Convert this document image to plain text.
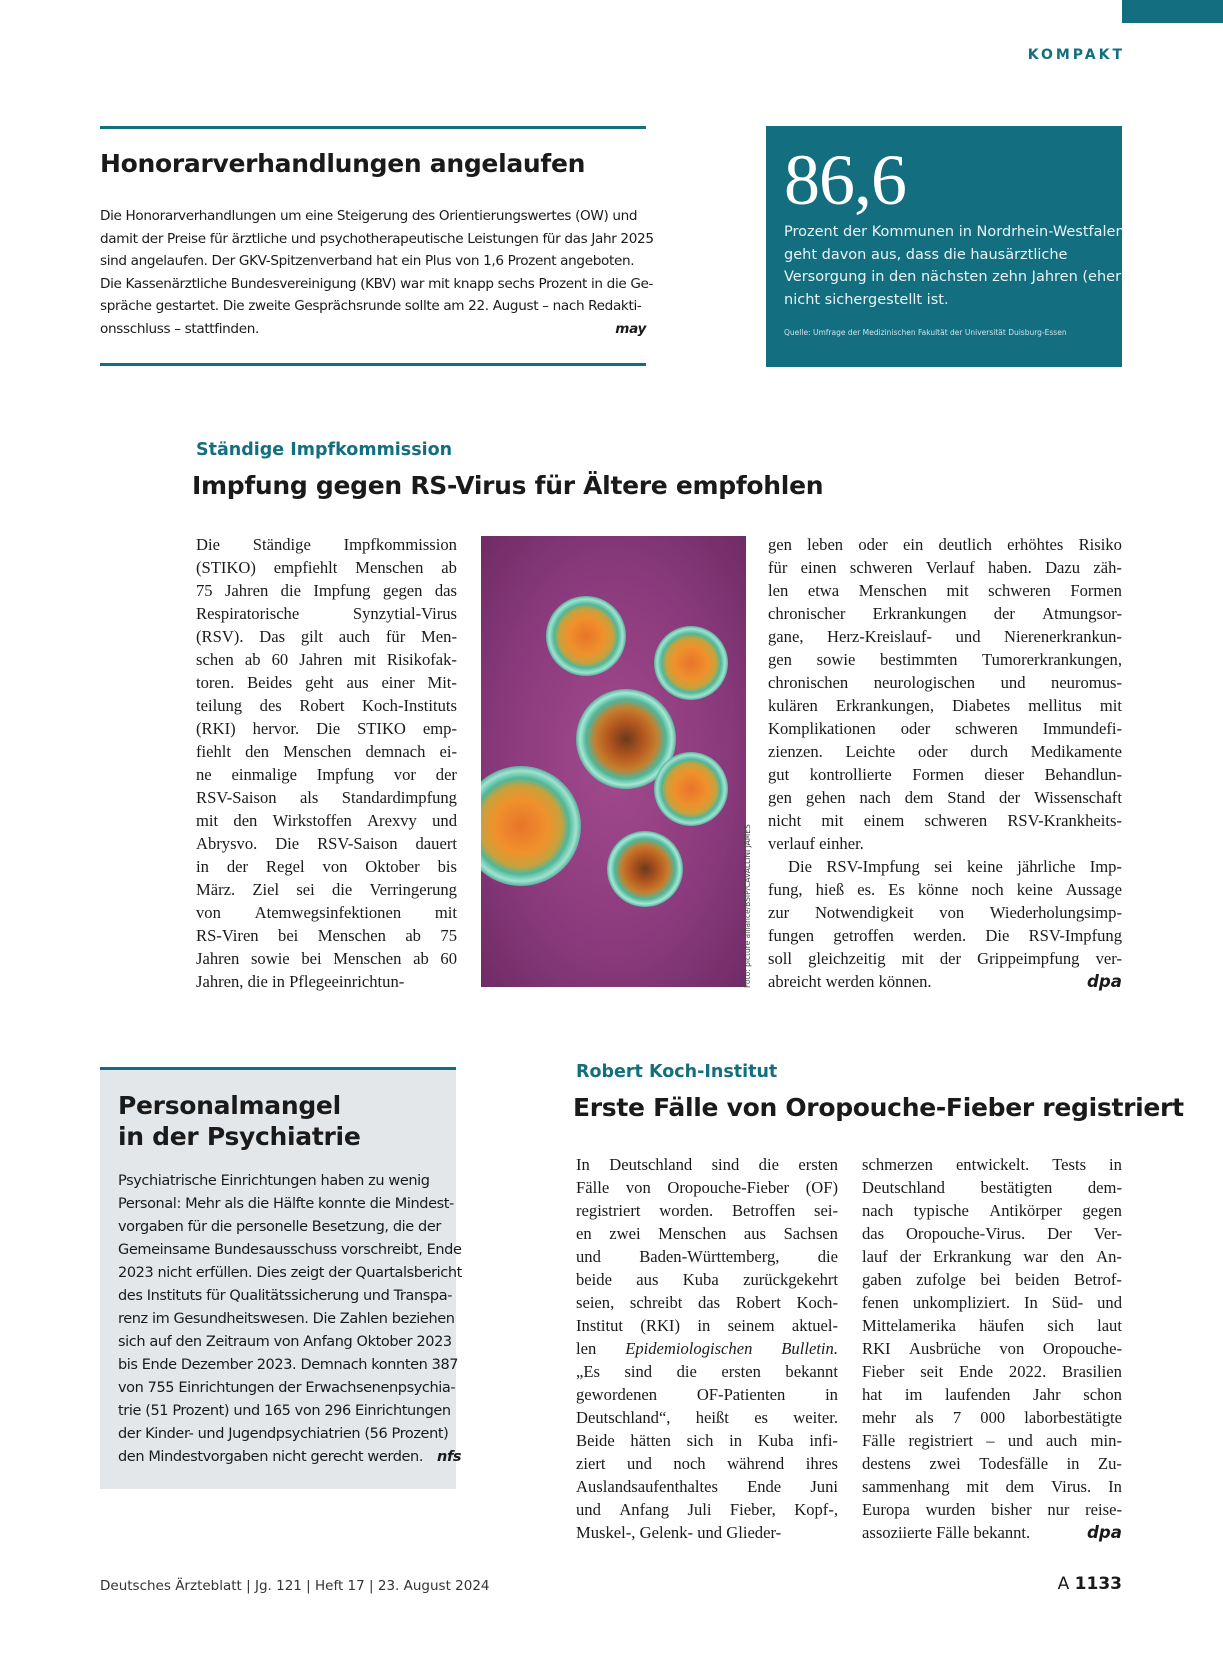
KOMPAKT
Honorarverhandlungen angelaufen
Die Honorarverhandlungen um eine Steigerung des Orientierungswertes (OW) und
damit der Preise für ärztliche und psychotherapeutische Leistungen für das Jahr 2025
sind angelaufen. Der GKV-Spitzenverband hat ein Plus von 1,6 Prozent angeboten.
Die Kassenärztliche Bundesvereinigung (KBV) war mit knapp sechs Prozent in die Ge-
spräche gestartet. Die zweite Gesprächsrunde sollte am 22. August – nach Redakti-
onsschluss – stattfinden.	may
86,6
Prozent der Kommunen in Nordrhein-Westfalen
geht davon aus, dass die hausärztliche
Versorgung in den nächsten zehn Jahren (eher)
nicht sichergestellt ist.
Quelle: Umfrage der Medizinischen Fakultät der Universität Duisburg-Essen
Ständige Impfkommission
Impfung gegen RS-Virus für Ältere empfohlen
Die Ständige Impfkommission
(STIKO) empfiehlt Menschen ab
75 Jahren die Impfung gegen das
Respiratorische	Synzytial-Virus
(RSV). Das gilt auch für Men-
schen ab 60 Jahren mit Risikofak-
toren. Beides geht aus einer Mit-
teilung des Robert Koch-Instituts
(RKI) hervor. Die STIKO emp-
fiehlt den Menschen demnach ei-
ne einmalige Impfung vor der
RSV-Saison als Standardimpfung
mit den Wirkstoffen Arexvy und
Abrysvo. Die RSV-Saison dauert
in der Regel von Oktober bis
März. Ziel sei die Verringerung
von Atemwegsinfektionen mit
RS-Viren bei Menschen ab 75
Jahren sowie bei Menschen ab 60
Jahren, die in Pflegeeinrichtun-	Foto: picture alliance/BSIP/CAVALLINI JAMES
gen leben oder ein deutlich erhöhtes Risiko
für einen schweren Verlauf haben. Dazu zäh-
len etwa Menschen mit schweren Formen
chronischer Erkrankungen der Atmungsor-
gane, Herz-Kreislauf- und Nierenerkrankun-
gen sowie bestimmten Tumorerkrankungen,
chronischen neurologischen und neuromus-
kulären Erkrankungen, Diabetes mellitus mit
Komplikationen oder schweren Immundefi-
zienzen. Leichte oder durch Medikamente
gut kontrollierte Formen dieser Behandlun-
gen gehen nach dem Stand der Wissenschaft
nicht mit einem schweren RSV-Krankheits-
verlauf einher.
Die RSV-Impfung sei keine jährliche Imp-
fung, hieß es. Es könne noch keine Aussage
zur Notwendigkeit von Wiederholungsimp-
fungen getroffen werden. Die RSV-Impfung
soll gleichzeitig mit der Grippeimpfung ver-
abreicht werden können.	dpa
Personalmangel
in der Psychiatrie
Psychiatrische Einrichtungen haben zu wenig
Personal: Mehr als die Hälfte konnte die Mindest-
vorgaben für die personelle Besetzung, die der
Gemeinsame Bundesausschuss vorschreibt, Ende
2023 nicht erfüllen. Dies zeigt der Quartalsbericht
des Instituts für Qualitätssicherung und Transpa-
renz im Gesundheitswesen. Die Zahlen beziehen
sich auf den Zeitraum von Anfang Oktober 2023
bis Ende Dezember 2023. Demnach konnten 387
von 755 Einrichtungen der Erwachsenenpsychia-
trie (51 Prozent) und 165 von 296 Einrichtungen
der Kinder- und Jugendpsychiatrien (56 Prozent)
den Mindestvorgaben nicht gerecht werden. nfs
Robert Koch-Institut
Erste Fälle von Oropouche-Fieber registriert
In Deutschland sind die ersten
Fälle von Oropouche-Fieber (OF)
registriert worden. Betroffen sei-
en zwei Menschen aus Sachsen
und Baden-Württemberg, die
beide aus Kuba zurückgekehrt
seien, schreibt das Robert Koch-
Institut (RKI) in seinem aktuel-
len Epidemiologischen Bulletin.
„Es sind die ersten bekannt
gewordenen OF-Patienten in
Deutschland“, heißt es weiter.
Beide hätten sich in Kuba infi-
ziert und noch während ihres
Auslandsaufenthaltes Ende Juni
und Anfang Juli Fieber, Kopf-,
Muskel-, Gelenk- und Glieder-
schmerzen entwickelt. Tests in
Deutschland bestätigten dem-
nach typische Antikörper gegen
das Oropouche-Virus. Der Ver-
lauf der Erkrankung war den An-
gaben zufolge bei beiden Betrof-
fenen unkompliziert. In Süd- und
Mittelamerika häufen sich laut
RKI Ausbrüche von Oropouche-
Fieber seit Ende 2022. Brasilien
hat im laufenden Jahr schon
mehr als 7 000 laborbestätigte
Fälle registriert – und auch min-
destens zwei Todesfälle in Zu-
sammenhang mit dem Virus. In
Europa wurden bisher nur reise-
assoziierte Fälle bekannt.	dpa
Deutsches Ärzteblatt | Jg. 121 | Heft 17 | 23. August 2024	A 1133
